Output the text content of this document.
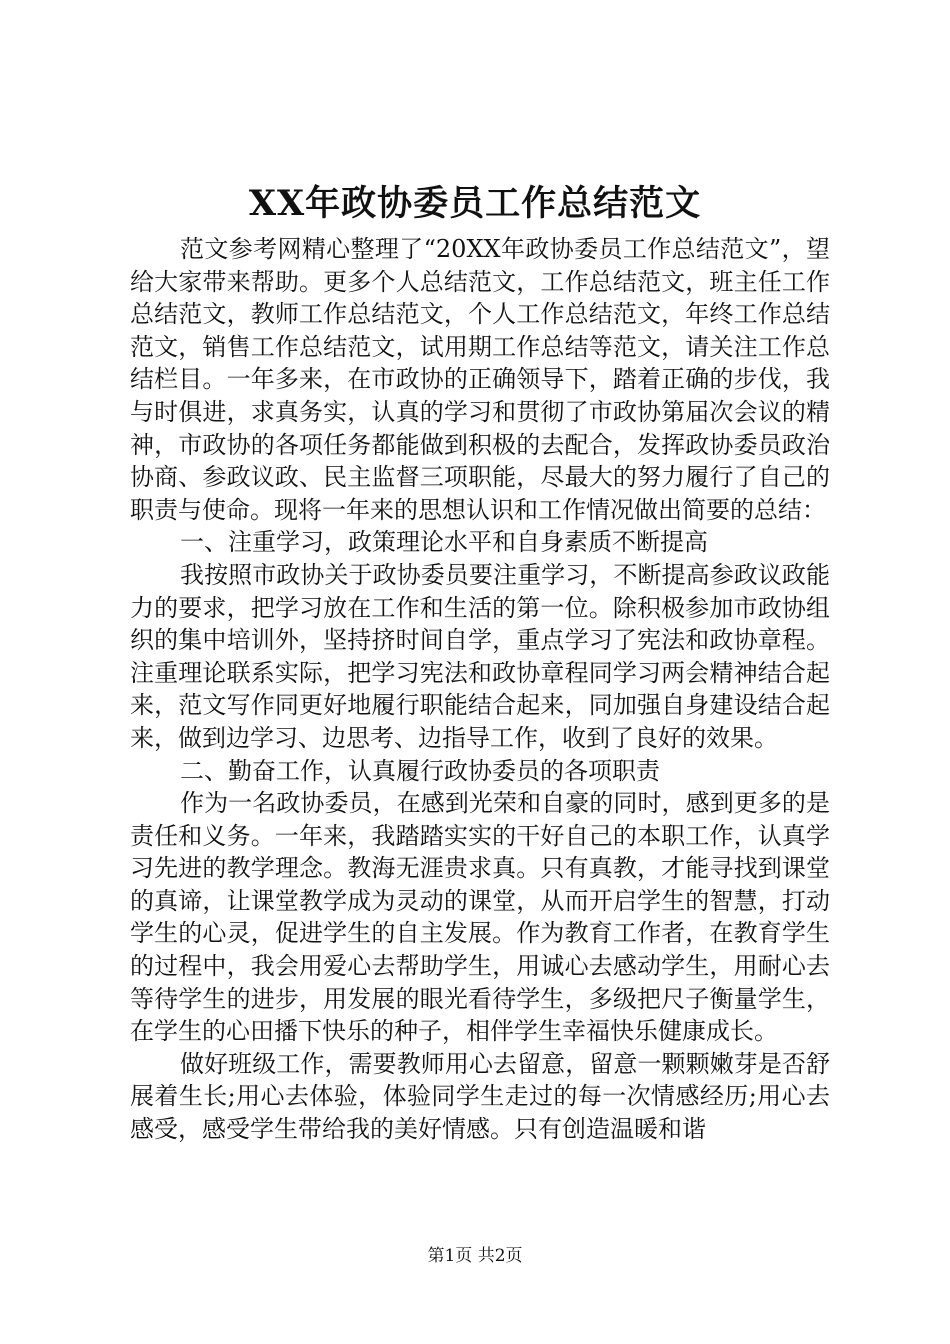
XX年政协委员工作总结范文

范文参考网精心整理了“20XX年政协委员工作总结范文”，望给大家带来帮助。更多个人总结范文，工作总结范文，班主任工作总结范文，教师工作总结范文，个人工作总结范文，年终工作总结范文，销售工作总结范文，试用期工作总结等范文，请关注工作总结栏目。一年多来，在市政协的正确领导下，踏着正确的步伐，我与时俱进，求真务实，认真的学习和贯彻了市政协第届次会议的精神，市政协的各项任务都能做到积极的去配合，发挥政协委员政治协商、参政议政、民主监督三项职能，尽最大的努力履行了自己的职责与使命。现将一年来的思想认识和工作情况做出简要的总结：

一、注重学习，政策理论水平和自身素质不断提高

我按照市政协关于政协委员要注重学习，不断提高参政议政能力的要求，把学习放在工作和生活的第一位。除积极参加市政协组织的集中培训外，坚持挤时间自学，重点学习了宪法和政协章程。注重理论联系实际，把学习宪法和政协章程同学习两会精神结合起来，范文写作同更好地履行职能结合起来，同加强自身建设结合起来，做到边学习、边思考、边指导工作，收到了良好的效果。

二、勤奋工作，认真履行政协委员的各项职责

作为一名政协委员，在感到光荣和自豪的同时，感到更多的是责任和义务。一年来，我踏踏实实的干好自己的本职工作，认真学习先进的教学理念。教海无涯贵求真。只有真教，才能寻找到课堂的真谛，让课堂教学成为灵动的课堂，从而开启学生的智慧，打动学生的心灵，促进学生的自主发展。作为教育工作者，在教育学生的过程中，我会用爱心去帮助学生，用诚心去感动学生，用耐心去等待学生的进步，用发展的眼光看待学生，多级把尺子衡量学生，在学生的心田播下快乐的种子，相伴学生幸福快乐健康成长。

做好班级工作，需要教师用心去留意，留意一颗颗嫩芽是否舒展着生长;用心去体验，体验同学生走过的每一次情感经历;用心去感受，感受学生带给我的美好情感。只有创造温暖和谐

第1页 共2页
